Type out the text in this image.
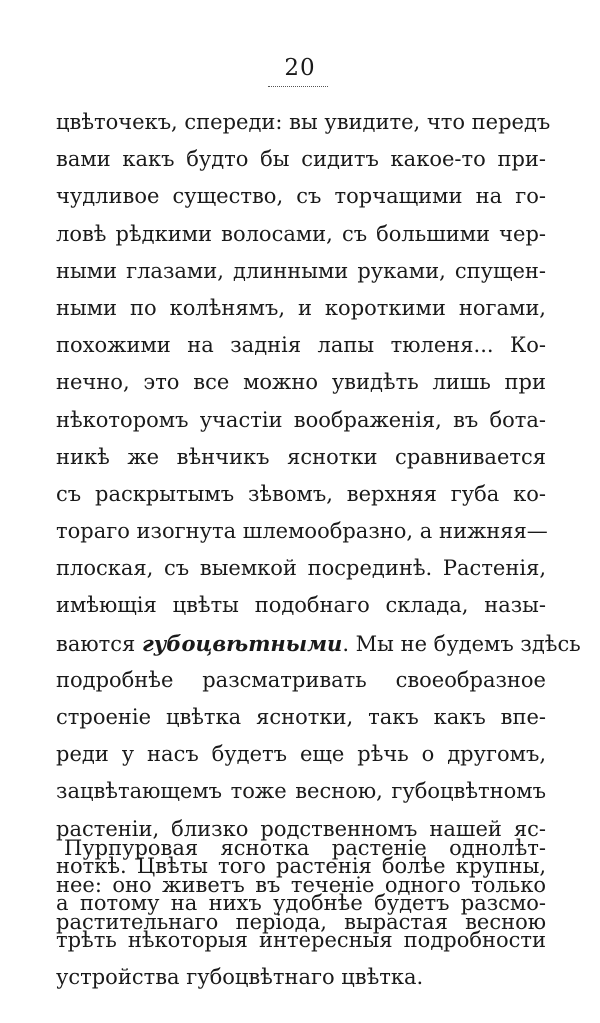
20
цвѣточекъ, спереди: вы увидите, что передъ
вами какъ будто бы сидитъ какое-то при-
чудливое существо, съ торчащими на го-
ловѣ рѣдкими волосами, съ большими чер-
ными глазами, длинными руками, спущен-
ными по колѣнямъ, и короткими ногами,
похожими на заднія лапы тюленя... Ко-
нечно, это все можно увидѣть лишь при
нѣкоторомъ участіи воображенія, въ бота-
никѣ же вѣнчикъ яснотки сравнивается
съ раскрытымъ зѣвомъ, верхняя губа ко-
тораго изогнута шлемообразно, а нижняя—
плоская, съ выемкой посрединѣ. Растенія,
имѣющія цвѣты подобнаго склада, назы-
ваются губоцвѣтными. Мы не будемъ здѣсь
подробнѣе разсматривать своеобразное
строеніе цвѣтка яснотки, такъ какъ впе-
реди у насъ будетъ еще рѣчь о другомъ,
зацвѣтающемъ тоже весною, губоцвѣтномъ
растеніи, близко родственномъ нашей яс-
ноткѣ. Цвѣты того растенія болѣе крупны,
а потому на нихъ удобнѣе будетъ разсмо-
трѣть нѣкоторыя интересныя подробности
устройства губоцвѣтнаго цвѣтка.
Пурпуровая яснотка растеніе однолѣт-
нее: оно живетъ въ теченіе одного только
растительнаго періода, вырастая весною
